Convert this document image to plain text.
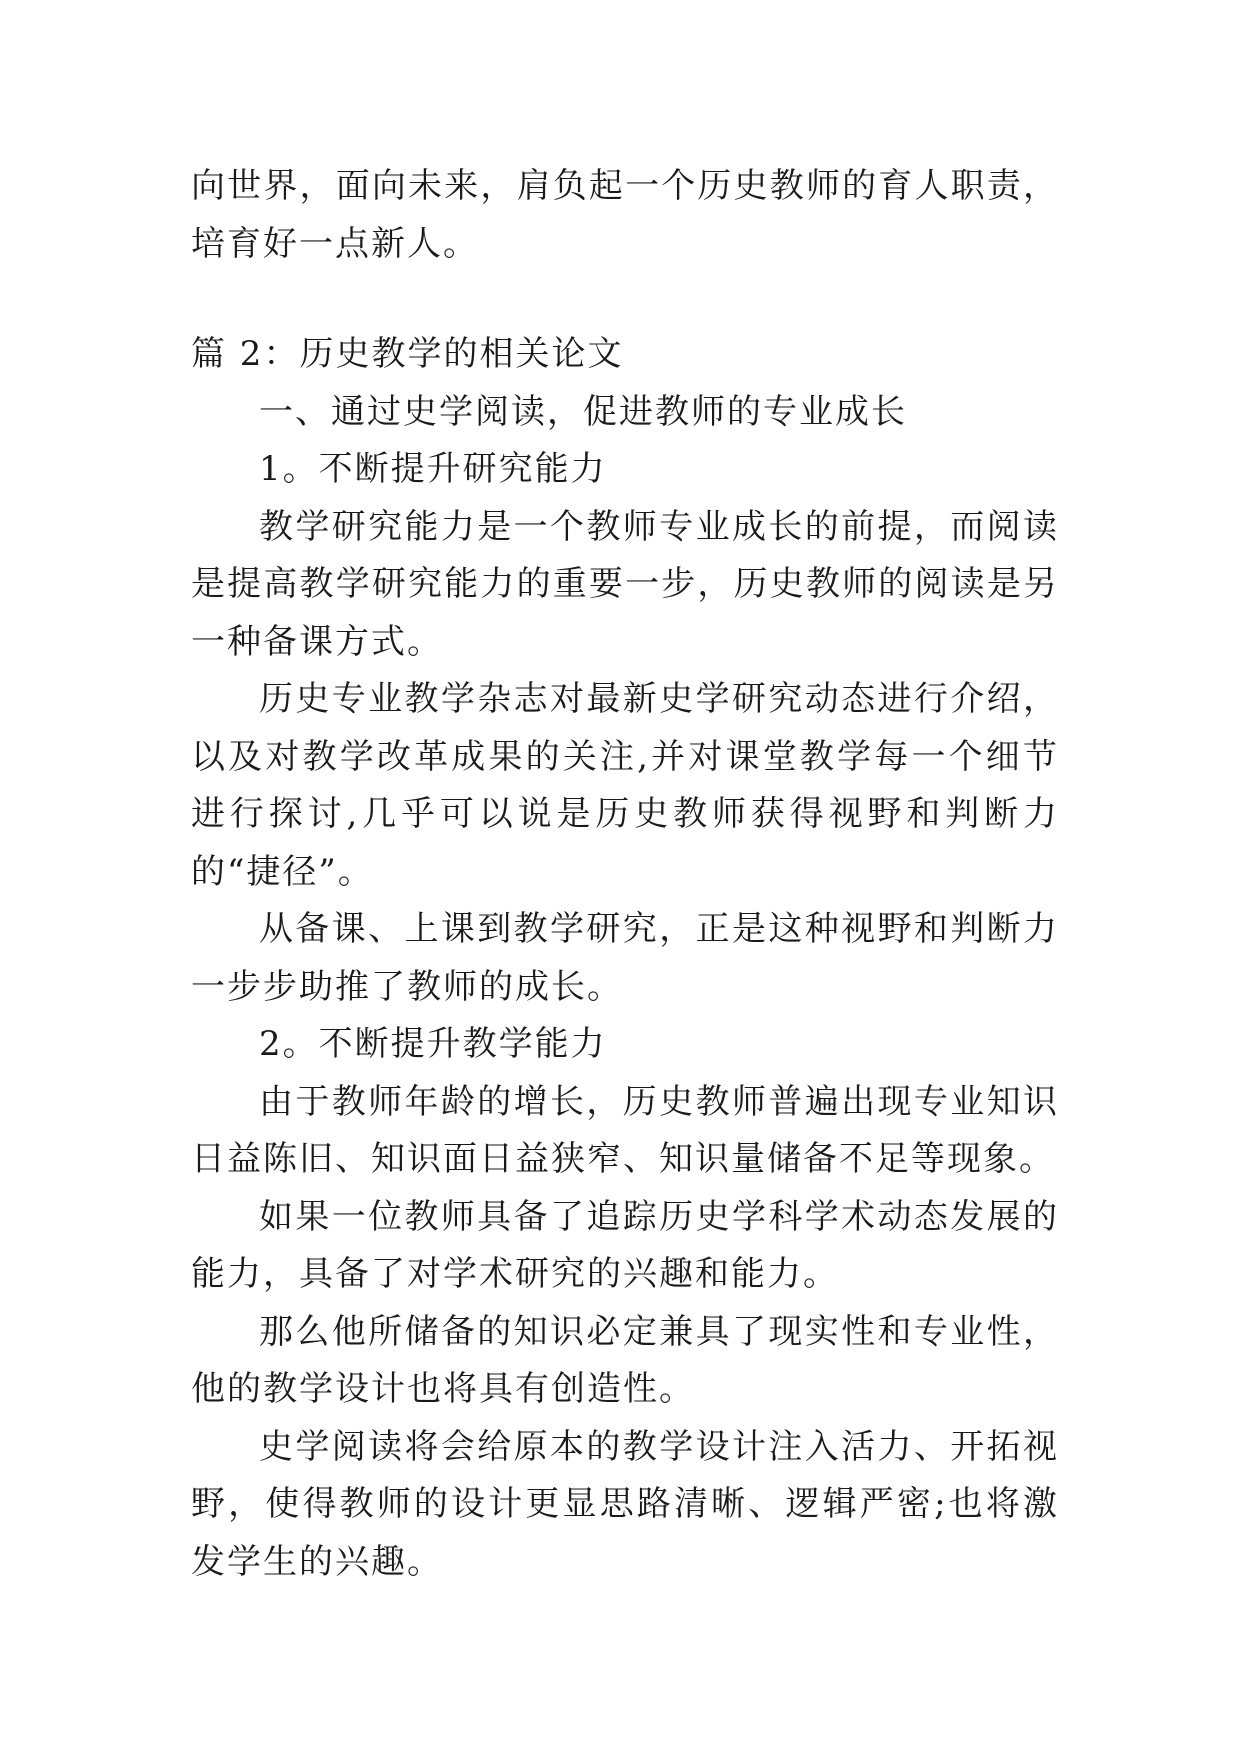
向世界，面向未来，肩负起一个历史教师的育人职责，培育好一点新人。

篇 2：历史教学的相关论文

一、通过史学阅读，促进教师的专业成长

1。不断提升研究能力

教学研究能力是一个教师专业成长的前提，而阅读是提高教学研究能力的重要一步，历史教师的阅读是另一种备课方式。

历史专业教学杂志对最新史学研究动态进行介绍，以及对教学改革成果的关注,并对课堂教学每一个细节进行探讨,几乎可以说是历史教师获得视野和判断力的“捷径”。

从备课、上课到教学研究，正是这种视野和判断力一步步助推了教师的成长。

2。不断提升教学能力

由于教师年龄的增长，历史教师普遍出现专业知识日益陈旧、知识面日益狭窄、知识量储备不足等现象。

如果一位教师具备了追踪历史学科学术动态发展的能力，具备了对学术研究的兴趣和能力。

那么他所储备的知识必定兼具了现实性和专业性，他的教学设计也将具有创造性。

史学阅读将会给原本的教学设计注入活力、开拓视野，使得教师的设计更显思路清晰、逻辑严密;也将激发学生的兴趣。
